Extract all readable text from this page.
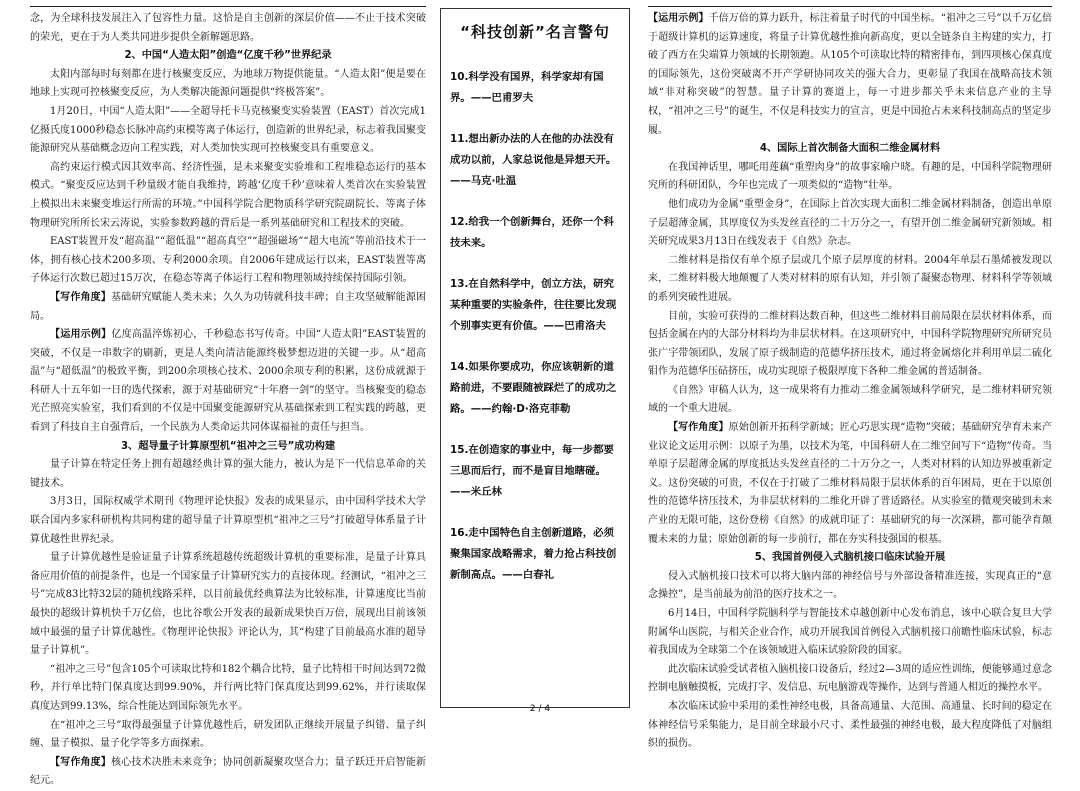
念，为全球科技发展注入了包容性力量。这恰是自主创新的深层价值——不止于技术突破的荣光，更在于为人类共同进步提供全新解题思路。

2、中国“人造太阳”创造“亿度千秒”世界纪录

太阳内部每时每刻都在进行核聚变反应，为地球万物提供能量。“人造太阳”便是要在地球上实现可控核聚变反应，为人类解决能源问题提供“终极答案”。

1月20日，中国“人造太阳”——全超导托卡马克核聚变实验装置（EAST）首次完成1亿摄氏度1000秒稳态长脉冲高约束模等离子体运行，创造新的世界纪录，标志着我国聚变能源研究从基础概念迈向工程实践，对人类加快实现可控核聚变具有重要意义。

高约束运行模式因其效率高、经济性强，是未来聚变实验堆和工程堆稳态运行的基本模式。“聚变反应达到千秒量级才能自我维持，跨越‘亿度千秒’意味着人类首次在实验装置上模拟出未来聚变堆运行所需的环境。”中国科学院合肥物质科学研究院副院长、等离子体物理研究所所长宋云涛说，实验参数跨越的背后是一系列基础研究和工程技术的突破。

EAST装置开发“超高温”“超低温”“超高真空”“超强磁场”“超大电流”等前沿技术于一体，拥有核心技术200多项、专利2000余项。自2006年建成运行以来，EAST装置等离子体运行次数已超过15万次，在稳态等离子体运行工程和物理领域持续保持国际引领。

【写作角度】基础研究赋能人类未来；久久为功铸就科技丰碑；自主攻坚破解能源困局。

【运用示例】亿度高温淬炼初心，千秒稳态书写传奇。中国“人造太阳”EAST装置的突破，不仅是一串数字的刷新，更是人类向清洁能源终极梦想迈进的关键一步。从“超高温”与“超低温”的极致平衡，到200余项核心技术、2000余项专利的积累，这份成就源于科研人十五年如一日的选代探索，源于对基础研究“十年磨一剑”的坚守。当核聚变的稳态光芒照亮实验室，我们看到的不仅是中国聚变能源研究从基础探索到工程实践的跨越，更看到了科技自主自强背后，一个民族为人类命运共同体谋福祉的责任与担当。

3、超导量子计算原型机“祖冲之三号”成功构建

量子计算在特定任务上拥有超越经典计算的强大能力，被认为是下一代信息革命的关键技术。

3月3日，国际权威学术期刊《物理评论快报》发表的成果显示，由中国科学技术大学联合国内多家科研机构共同构建的超导量子计算原型机“祖冲之三号”打破超导体系量子计算优越性世界纪录。

量子计算优越性是验证量子计算系统超越传统超级计算机的重要标准，是量子计算具备应用价值的前提条件，也是一个国家量子计算研究实力的直接体现。经测试，“祖冲之三号”完成83比特32层的随机线路采样，以目前最优经典算法为比较标准，计算速度比当前最快的超级计算机快千万亿倍，也比谷歌公开发表的最新成果快百万倍，展现出目前该领域中最强的量子计算优越性。《物理评论快报》评论认为，其“构建了目前最高水准的超导量子计算机”。

“祖冲之三号”包含105个可读取比特和182个耦合比特，量子比特相干时间达到72微秒，并行单比特门保真度达到99.90%，并行两比特门保真度达到99.62%，并行读取保真度达到99.13%，综合性能达到国际领先水平。

在“祖冲之三号”取得最强量子计算优越性后，研发团队正继续开展量子纠错、量子纠缠、量子模拟、量子化学等多方面探索。

【写作角度】核心技术决胜未来竞争；协同创新凝聚攻坚合力；量子跃迁开启智能新纪元。

“科技创新”名言警句
10.科学没有国界，科学家却有国界。——巴甫罗夫
11.想出新办法的人在他的办法没有成功以前，人家总说他是异想天开。——马克·吐温
12.给我一个创新舞台，还你一个科技未来。
13.在自然科学中，创立方法，研究某种重要的实验条件，往往要比发现个别事实更有价值。——巴甫洛夫
14.如果你要成功，你应该朝新的道路前进，不要跟随被踩烂了的成功之路。——约翰·D·洛克菲勒
15.在创造家的事业中，每一步都要三思而后行，而不是盲目地瞎碰。——米丘林
16.走中国特色自主创新道路，必须聚集国家战略需求，着力抢占科技创新制高点。——白春礼

【运用示例】千倍万倍的算力跃升，标注着量子时代的中国坐标。“祖冲之三号”以千万亿倍于超级计算机的运算速度，将量子计算优越性推向新高度，更以全链条自主构建的实力，打破了西方在尖端算力领域的长期领跑。从105个可读取比特的精密排布，到四项核心保真度的国际领先，这份突破离不开产学研协同攻关的强大合力，更彰显了我国在战略高技术领域“非对称突破”的智慧。量子计算的赛道上，每一寸进步都关乎未来信息产业的主导权，“祖冲之三号”的诞生，不仅是科技实力的宣言，更是中国抢占未来科技制高点的坚定步履。

4、国际上首次制备大面积二维金属材料

在我国神话里，哪吒用莲藕“重塑肉身”的故事家喻户晓。有趣的是，中国科学院物理研究所的科研团队，今年也完成了一项类似的“造物”壮举。

他们成功为金属“重塑金身”，在国际上首次实现大面积二维金属材料制备，创造出单原子层超薄金属，其厚度仅为头发丝直径的二十万分之一，有望开创二维金属研究新领域。相关研究成果3月13日在线发表于《自然》杂志。

二维材料是指仅有单个原子层或几个原子层厚度的材料。2004年单层石墨烯被发现以来，二维材料极大地颠覆了人类对材料的原有认知，并引领了凝聚态物理、材料科学等领域的系列突破性进展。

目前，实验可获得的二维材料达数百种，但这些二维材料目前局限在层状材料体系，而包括金属在内的大部分材料均为非层状材料。在这项研究中，中国科学院物理研究所研究员张广宇带领团队，发展了原子级制造的范德华挤压技术，通过将金属熔化并利用单层二硫化钼作为范德华压砧挤压，成功实现原子极限厚度下各种二维金属的普适制备。

《自然》审稿人认为，这一成果将有力推动二维金属领域科学研究，是二维材料研究领域的一个重大进展。

【写作角度】原始创新开拓科学新域；匠心巧思实现“造物”突破；基础研究孕育未来产业议论文运用示例：以原子为墨，以技术为笔，中国科研人在二维空间写下“造物”传奇。当单原子层超薄金属的厚度抵达头发丝直径的二十万分之一，人类对材料的认知边界被重新定义。这份突破的可贵，不仅在于打破了二维材料局限于层状体系的百年困局，更在于以原创性的范德华挤压技术，为非层状材料的二维化开辟了普适路径。从实验室的微观突破到未来产业的无限可能，这份登榜《自然》的成就印证了：基础研究的每一次深耕，都可能孕育颠覆未来的力量；原始创新的每一步前行，都在夯实科技强国的根基。

5、我国首例侵入式脑机接口临床试验开展

侵入式脑机接口技术可以将大脑内部的神经信号与外部设备精准连接，实现真正的“意念操控”，是当前最为前沿的医疗技术之一。

6月14日，中国科学院脑科学与智能技术卓越创新中心发布消息，该中心联合复旦大学附属华山医院，与相关企业合作，成功开展我国首例侵入式脑机接口前瞻性临床试验，标志着我国成为全球第二个在该领域进入临床试验阶段的国家。

此次临床试验受试者植入脑机接口设备后，经过2—3周的适应性训练，便能够通过意念控制电脑触摸板，完成打字、发信息、玩电脑游戏等操作，达到与普通人相近的操控水平。

本次临床试验中采用的柔性神经电极，具备高通量、大范围、高通量、长时间的稳定在体神经信号采集能力，是目前全球最小尺寸、柔性最强的神经电极，最大程度降低了对脑组织的损伤。

2 / 4
